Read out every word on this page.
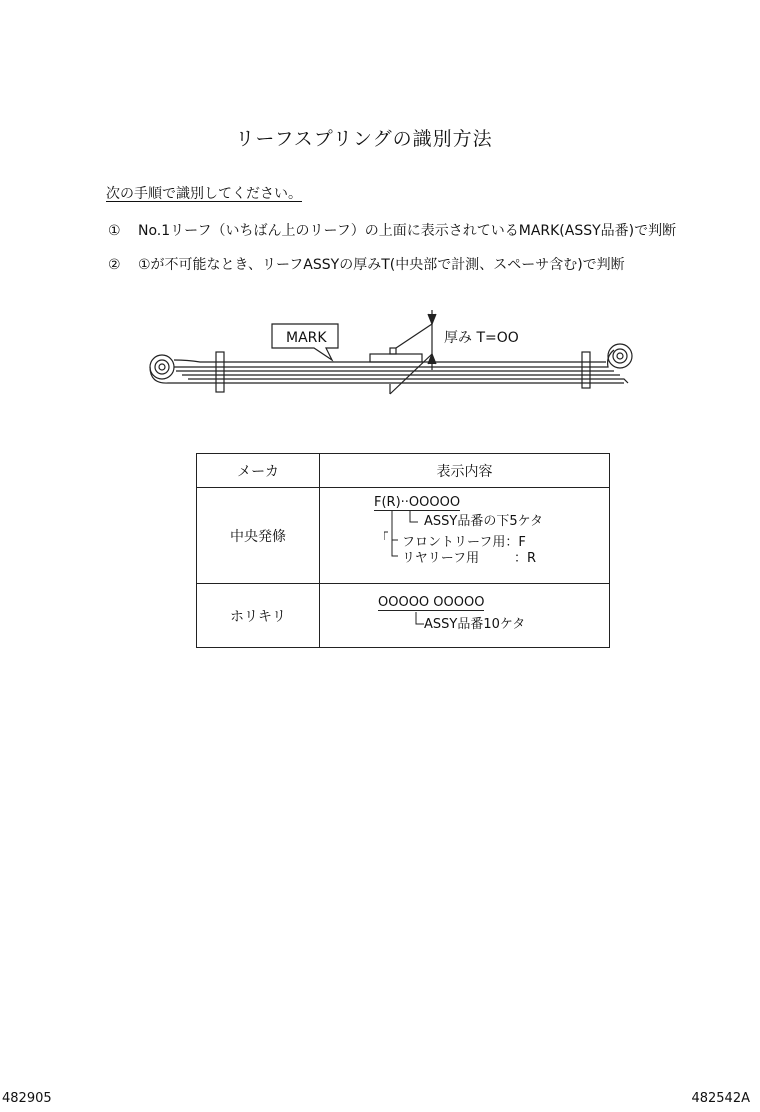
リーフスプリングの識別方法
次の手順で識別してください。
① No.1リーフ（いちばん上のリーフ）の上面に表示されているMARK(ASSY品番)で判断
② ①が不可能なとき、リーフASSYの厚みT(中央部で計測、スペーサ含む)で判断
MARK	厚み T=OO
メーカ	表示内容
中央発條	F(R)··OOOOO
ASSY品番の下5ケタ
フロントリーフ用：F
リヤリーフ用 ：R

ホリキリ	OOOOO OOOOO
ASSY品番10ケタ
482905	482542A
